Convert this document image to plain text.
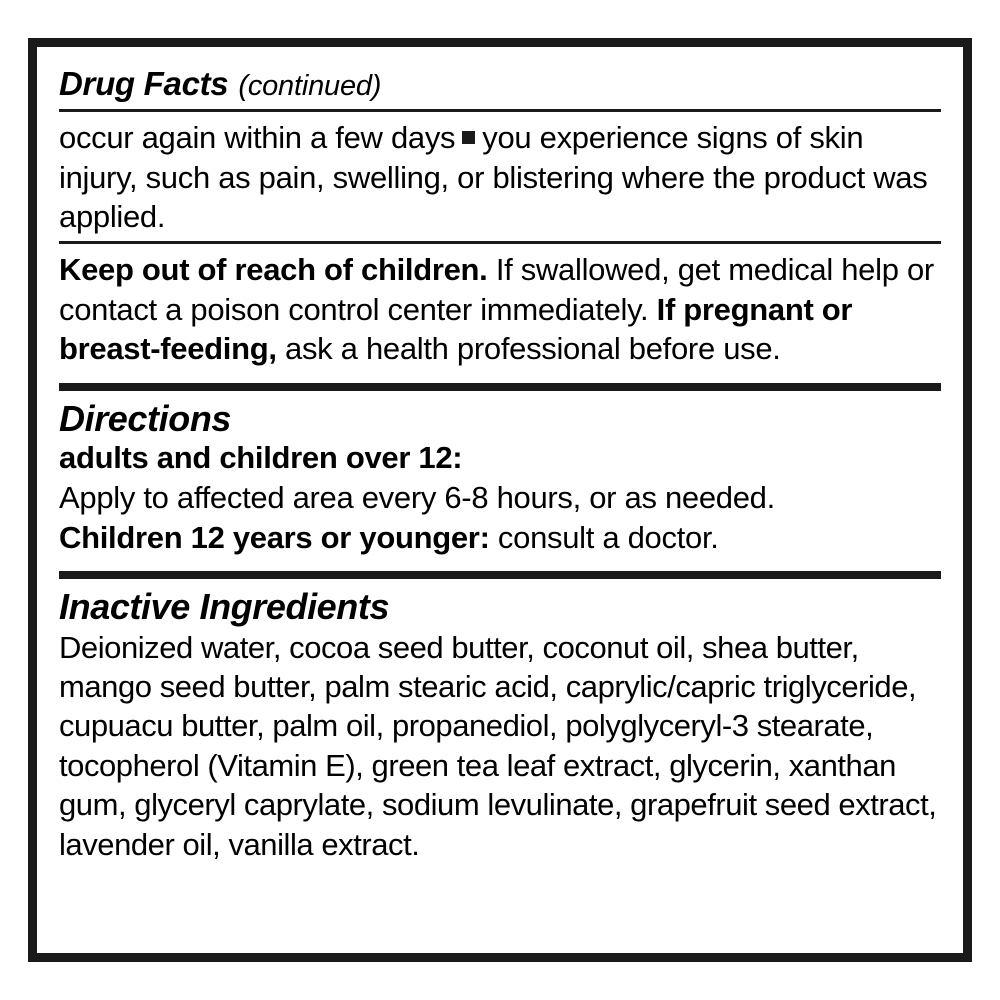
Drug Facts (continued)
occur again within a few days you experience signs of skin injury, such as pain, swelling, or blistering where the product was applied.
Keep out of reach of children. If swallowed, get medical help or contact a poison control center immediately. If pregnant or breast-feeding, ask a health professional before use.
Directions
adults and children over 12:
Apply to affected area every 6-8 hours, or as needed.
Children 12 years or younger: consult a doctor.
Inactive Ingredients
Deionized water, cocoa seed butter, coconut oil, shea butter, mango seed butter, palm stearic acid, caprylic/capric triglyceride, cupuacu butter, palm oil, propanediol, polyglyceryl-3 stearate, tocopherol (Vitamin E), green tea leaf extract, glycerin, xanthan gum, glyceryl caprylate, sodium levulinate, grapefruit seed extract, lavender oil, vanilla extract.
